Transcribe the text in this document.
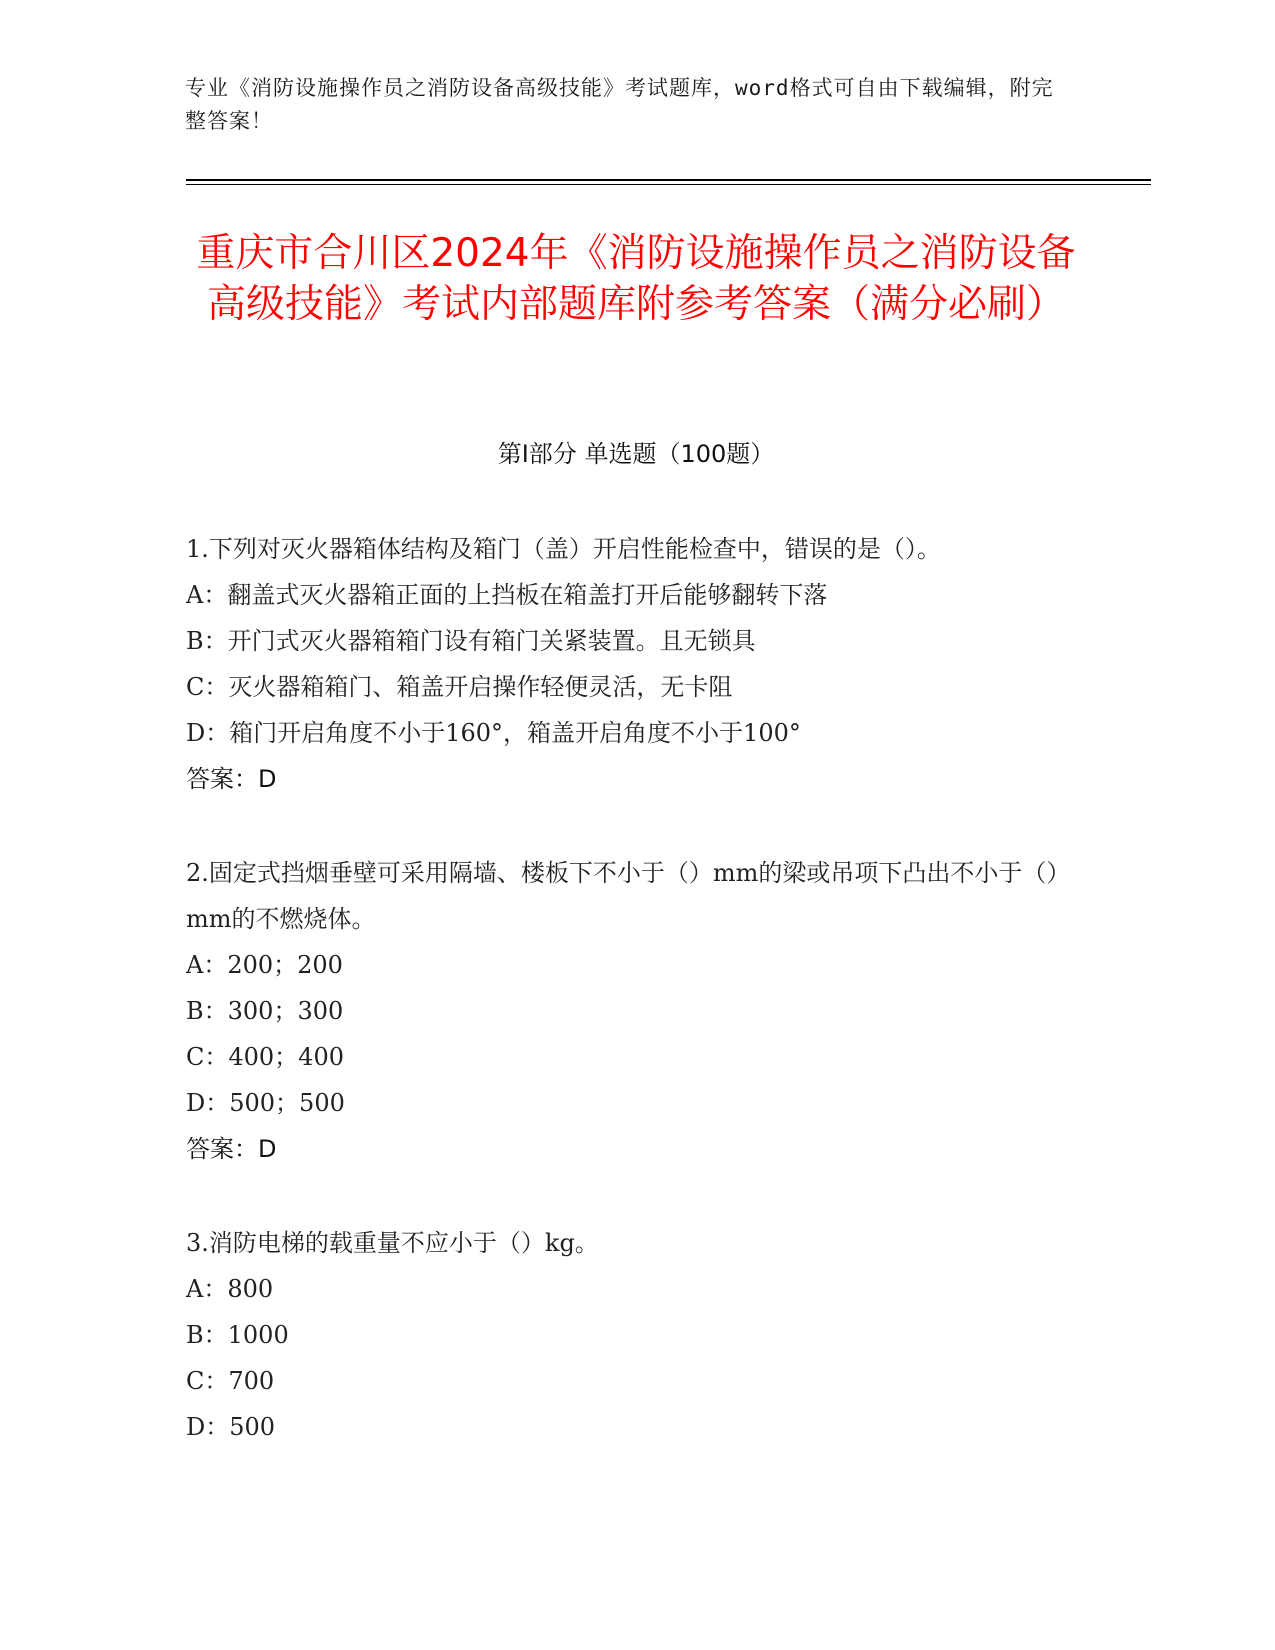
专业《消防设施操作员之消防设备高级技能》考试题库，word格式可自由下载编辑，附完整答案！
重庆市合川区2024年《消防设施操作员之消防设备高级技能》考试内部题库附参考答案（满分必刷）
第Ⅰ部分 单选题（100题）
1.下列对灭火器箱体结构及箱门（盖）开启性能检查中，错误的是（）。
A：翻盖式灭火器箱正面的上挡板在箱盖打开后能够翻转下落
B：开门式灭火器箱箱门设有箱门关紧装置。且无锁具
C：灭火器箱箱门、箱盖开启操作轻便灵活，无卡阻
D：箱门开启角度不小于160°，箱盖开启角度不小于100°
答案：D
2.固定式挡烟垂壁可采用隔墙、楼板下不小于（）mm的梁或吊项下凸出不小于（）mm的不燃烧体。
A：200；200
B：300；300
C：400；400
D：500；500
答案：D
3.消防电梯的载重量不应小于（）kg。
A：800
B：1000
C：700
D：500
